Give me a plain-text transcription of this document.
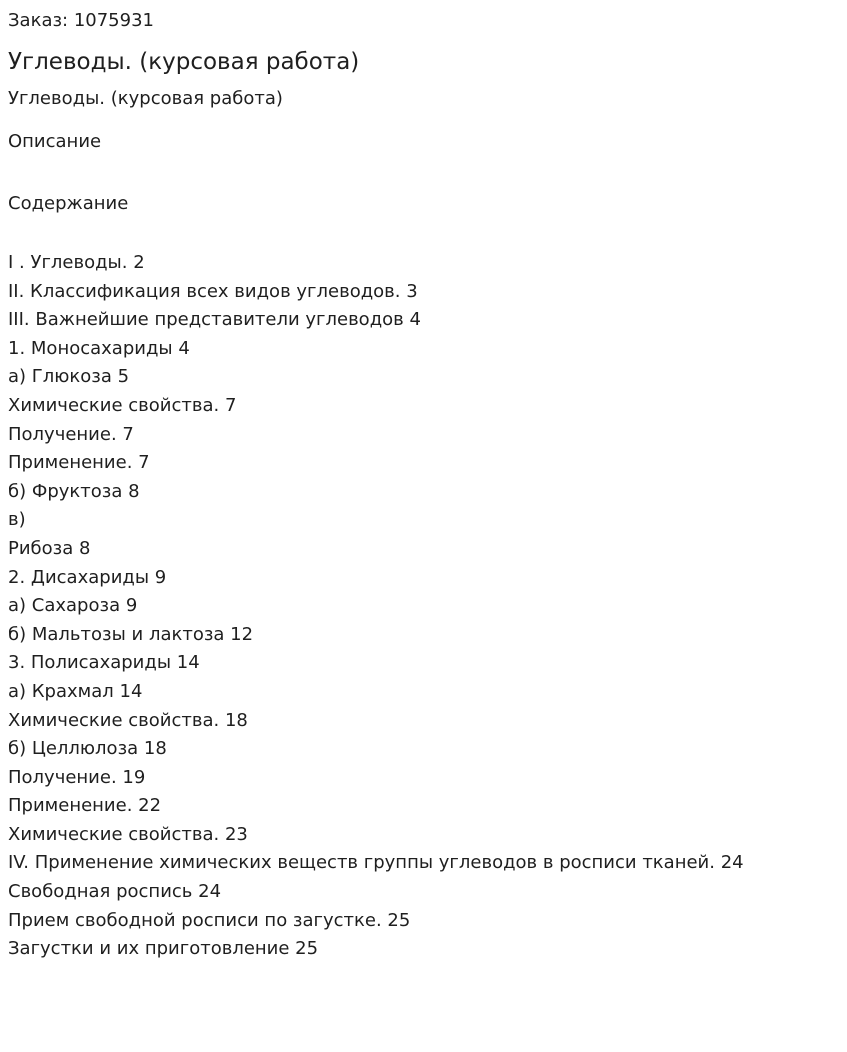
Заказ: 1075931
Углеводы. (курсовая работа)
Углеводы. (курсовая работа)
Описание
Содержание
I . Углеводы. 2
II. Классификация всех видов углеводов. 3
III. Важнейшие представители углеводов 4
1. Моносахариды 4
а) Глюкоза 5
Химические свойства. 7
Получение. 7
Применение. 7
б) Фруктоза 8
в)
Рибоза 8
2. Дисахариды 9
а) Сахароза 9
б) Мальтозы и лактоза 12
3. Полисахариды 14
а) Крахмал 14
Химические свойства. 18
б) Целлюлоза 18
Получение. 19
Применение. 22
Химические свойства. 23
IV. Применение химических веществ группы углеводов в росписи тканей. 24
Свободная роспись 24
Прием свободной росписи по загустке. 25
Загустки и их приготовление 25
